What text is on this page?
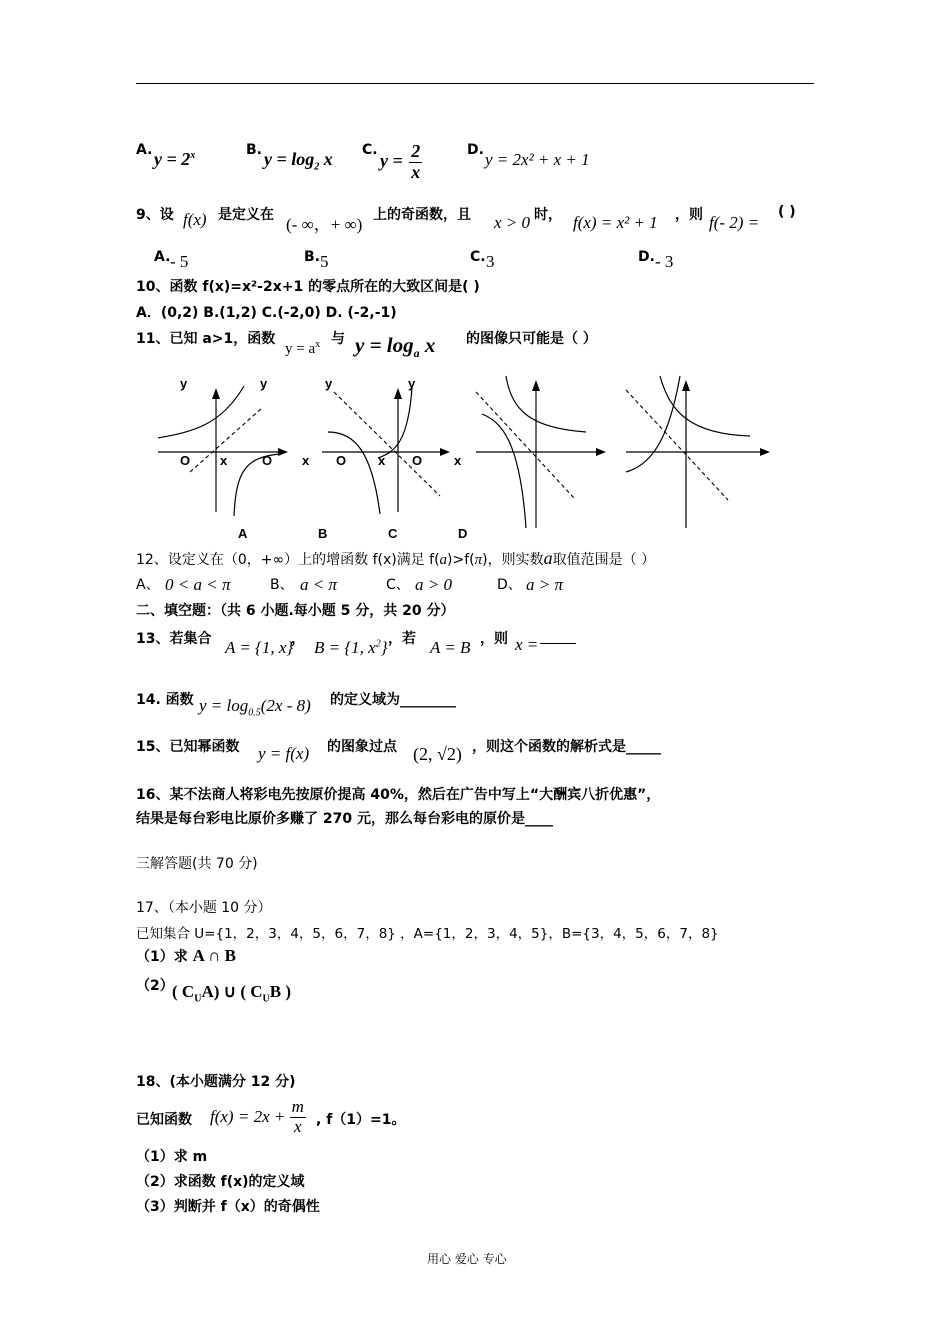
A. $y = 2^x$	B. $y = \log_2 x$ C.
$y = \frac{2}{x}$	D. y = 2x² + x + 1
9、设 f(x) 是定义在 (- ∞，+ ∞) 上的奇函数，且 x > 0 时， f(x) = x² + 1 ，则 f(- 2) =
( )
A. - 5	B. 5	C. 3	D. - 3
10、函数 f(x)=x²-2x+1 的零点所在的大致区间是( )
A．(0,2) B.(1,2) C.(-2,0) D. (-2,-1)
11、已知 a>1，函数
$y = a^x$ 与 $y = \log_a x$ 的图像只可能是（ ）
y	y
O x	O x
y	y
O x O x
A	B	C	D
12、设定义在（0，+∞）上的增函数 f(x)满足 f(a)>f(π)，则实数a取值范围是（ ）
A、 0 < a < π	B、 a < π	C、 a > 0	D、 a > π
二、填空题：（共 6 小题.每小题 5 分，共 20 分）
13、若集合 A = {1, x}
， B = {1, $x^2$} ，若 A = B ，则 x =
14. 函数 $y = \log_{0.5}(2x - 8)$ 的定义域为________
15、已知幂函数 y = f(x) 的图象过点 (2, √2) ，则这个函数的解析式是_____
16、某不法商人将彩电先按原价提高 40%，然后在广告中写上“大酬宾八折优惠”，
结果是每台彩电比原价多赚了 270 元，那么每台彩电的原价是____
三解答题(共 70 分)
17、（本小题 10 分）
已知集合 U={1，2，3，4，5，6，7，8} ，A={1，2，3，4，5}，B={3，4，5，6，7，8}
（1）求 A ∩ B
（2）
( $C_UA$) ∪ ( $C_UB$ )
18、(本小题满分 12 分)
已知函数 $f(x) = 2x + \frac{m}{x}$ , f（1）=1。
（1）求 m
（2）求函数 f(x)的定义域
（3）判断并 f（x）的奇偶性
用心 爱心 专心
